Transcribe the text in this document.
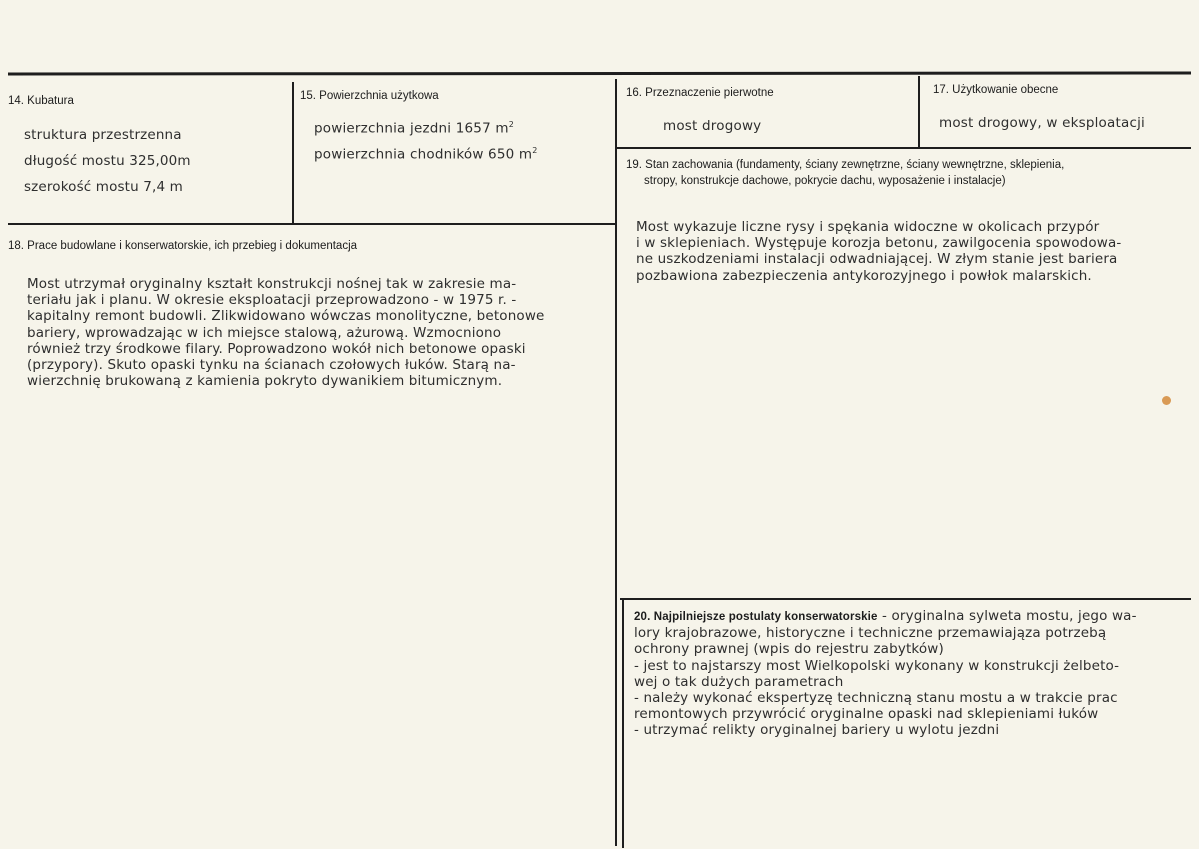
14. Kubatura
struktura przestrzenna
długość mostu 325,00m
szerokość mostu 7,4 m
15. Powierzchnia użytkowa
powierzchnia jezdni 1657 $m^2$
powierzchnia chodników 650 $m^2$
16. Przeznaczenie pierwotne
most drogowy
17. Użytkowanie obecne
most drogowy, w eksploatacji
18. Prace budowlane i konserwatorskie, ich przebieg i dokumentacja
Most utrzymał oryginalny kształt konstrukcji nośnej tak w zakresie ma-
teriału jak i planu. W okresie eksploatacji przeprowadzono - w 1975 r. -
kapitalny remont budowli. Zlikwidowano wówczas monolityczne, betonowe
bariery, wprowadzając w ich miejsce stalową, ażurową. Wzmocniono
również trzy środkowe filary. Poprowadzono wokół nich betonowe opaski
(przypory). Skuto opaski tynku na ścianach czołowych łuków. Starą na-
wierzchnię brukowaną z kamienia pokryto dywanikiem bitumicznym.
19. Stan zachowania (fundamenty, ściany zewnętrzne, ściany wewnętrzne, sklepienia,
stropy, konstrukcje dachowe, pokrycie dachu, wyposażenie i instalacje)
Most wykazuje liczne rysy i spękania widoczne w okolicach przypór
i w sklepieniach. Występuje korozja betonu, zawilgocenia spowodowa-
ne uszkodzeniami instalacji odwadniającej. W złym stanie jest bariera
pozbawiona zabezpieczenia antykorozyjnego i powłok malarskich.
20. Najpilniejsze postulaty konserwatorskie - oryginalna sylweta mostu, jego wa-
lory krajobrazowe, historyczne i techniczne przemawiająza potrzebą
ochrony prawnej (wpis do rejestru zabytków)
- jest to najstarszy most Wielkopolski wykonany w konstrukcji żelbeto-
wej o tak dużych parametrach
- należy wykonać ekspertyzę techniczną stanu mostu a w trakcie prac
remontowych przywrócić oryginalne opaski nad sklepieniami łuków
- utrzymać relikty oryginalnej bariery u wylotu jezdni
